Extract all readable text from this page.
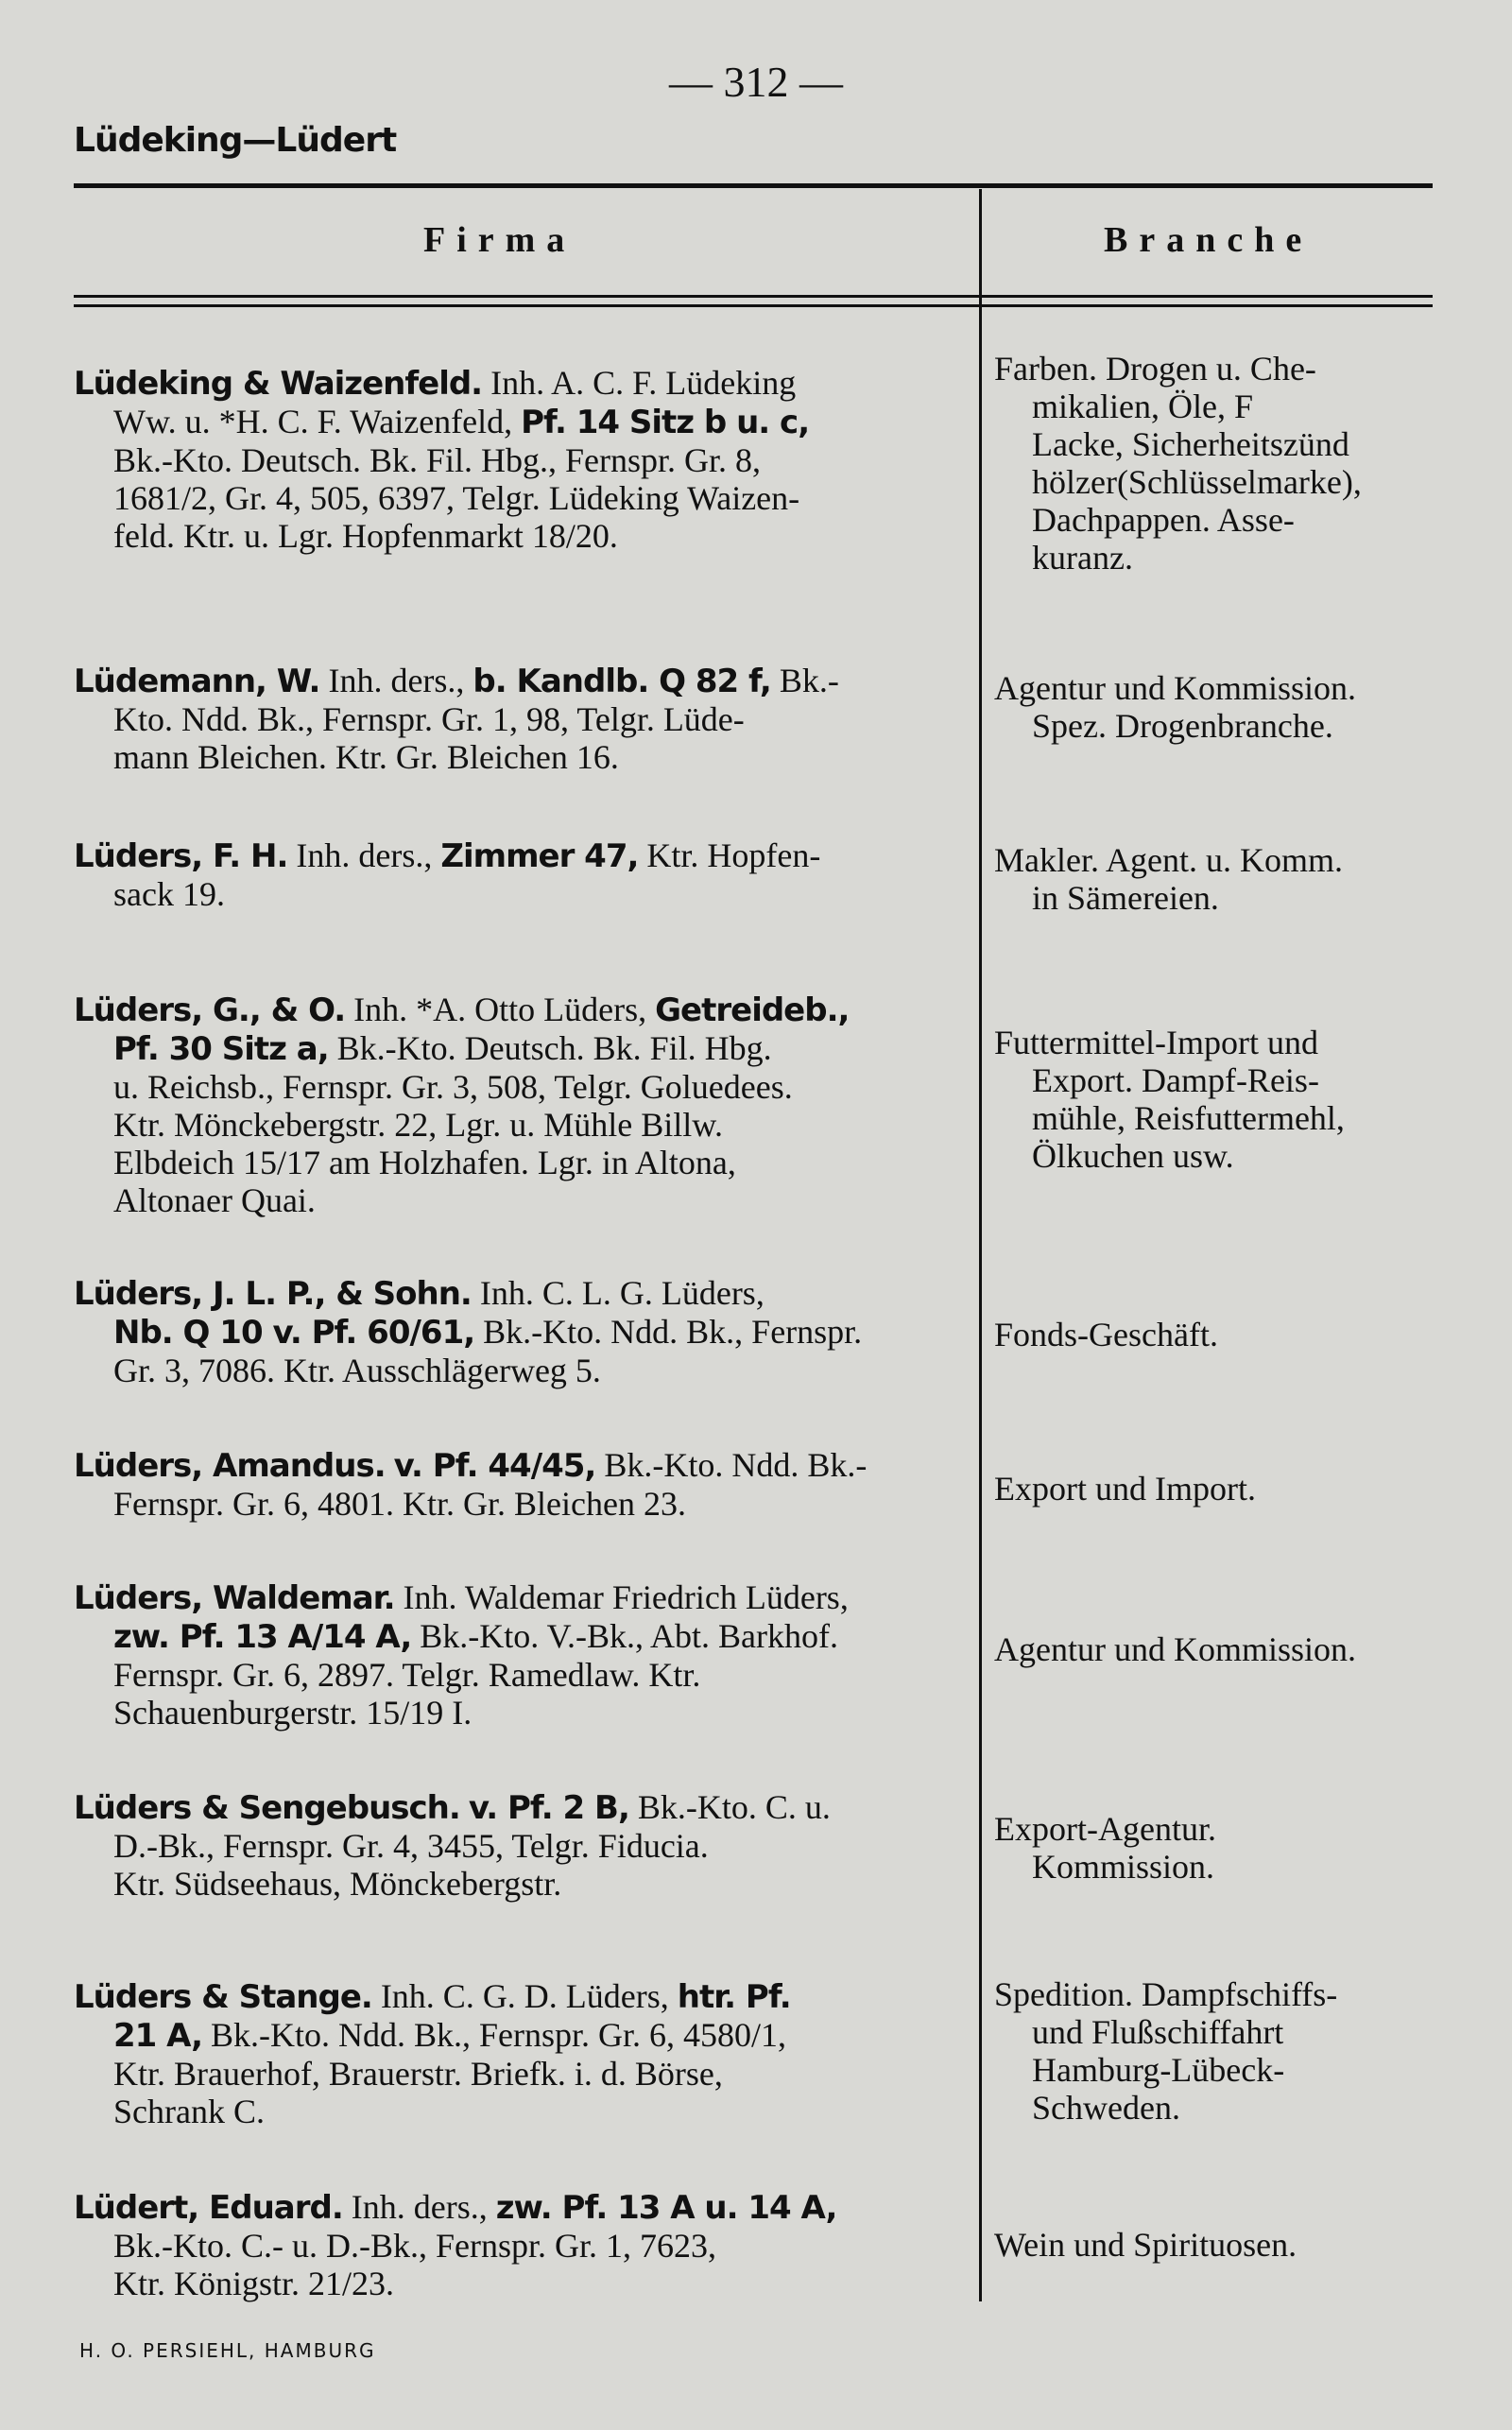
— 312 —
Lüdeking—Lüdert
Firma	Branche
Lüdeking & Waizenfeld. Inh. A. C. F. Lüdeking
Ww. u. *H. C. F. Waizenfeld, Pf. 14 Sitz b u. c,
Bk.-Kto. Deutsch. Bk. Fil. Hbg., Fernspr. Gr. 8,
1681/2, Gr. 4, 505, 6397, Telgr. Lüdeking Waizen-
feld. Ktr. u. Lgr. Hopfenmarkt 18/20.
Farben. Drogen u. Che-
mikalien, Öle, F
Lacke, Sicherheitszünd
hölzer(Schlüsselmarke),
Dachpappen. Asse-
kuranz.
Lüdemann, W. Inh. ders., b. Kandlb. Q 82 f, Bk.-
Kto. Ndd. Bk., Fernspr. Gr. 1, 98, Telgr. Lüde-
mann Bleichen. Ktr. Gr. Bleichen 16.
Agentur und Kommission.
Spez. Drogenbranche.
Lüders, F. H. Inh. ders., Zimmer 47, Ktr. Hopfen-
sack 19.
Makler. Agent. u. Komm.
in Sämereien.
Lüders, G., & O. Inh. *A. Otto Lüders, Getreideb.,
Pf. 30 Sitz a, Bk.-Kto. Deutsch. Bk. Fil. Hbg.
u. Reichsb., Fernspr. Gr. 3, 508, Telgr. Goluedees.
Ktr. Mönckebergstr. 22, Lgr. u. Mühle Billw.
Elbdeich 15/17 am Holzhafen. Lgr. in Altona,
Altonaer Quai.
Futtermittel-Import und
Export. Dampf-Reis-
mühle, Reisfuttermehl,
Ölkuchen usw.
Lüders, J. L. P., & Sohn. Inh. C. L. G. Lüders,
Nb. Q 10 v. Pf. 60/61, Bk.-Kto. Ndd. Bk., Fernspr.
Gr. 3, 7086. Ktr. Ausschlägerweg 5.
Fonds-Geschäft.
Lüders, Amandus. v. Pf. 44/45, Bk.-Kto. Ndd. Bk.-
Fernspr. Gr. 6, 4801. Ktr. Gr. Bleichen 23.	Export und Import.
Lüders, Waldemar. Inh. Waldemar Friedrich Lüders,
zw. Pf. 13 A/14 A, Bk.-Kto. V.-Bk., Abt. Barkhof.
Fernspr. Gr. 6, 2897. Telgr. Ramedlaw. Ktr.
Schauenburgerstr. 15/19 I.
Agentur und Kommission.
Lüders & Sengebusch. v. Pf. 2 B, Bk.-Kto. C. u.
D.-Bk., Fernspr. Gr. 4, 3455, Telgr. Fiducia.
Ktr. Südseehaus, Mönckebergstr.
Export-Agentur.
Kommission.
Lüders & Stange. Inh. C. G. D. Lüders, htr. Pf.
21 A, Bk.-Kto. Ndd. Bk., Fernspr. Gr. 6, 4580/1,
Ktr. Brauerhof, Brauerstr. Briefk. i. d. Börse,
Schrank C.
Spedition. Dampfschiffs-
und Flußschiffahrt
Hamburg-Lübeck-
Schweden.
Lüdert, Eduard. Inh. ders., zw. Pf. 13 A u. 14 A,
Bk.-Kto. C.- u. D.-Bk., Fernspr. Gr. 1, 7623,
Ktr. Königstr. 21/23.
Wein und Spirituosen.
H. O. PERSIEHL, HAMBURG
